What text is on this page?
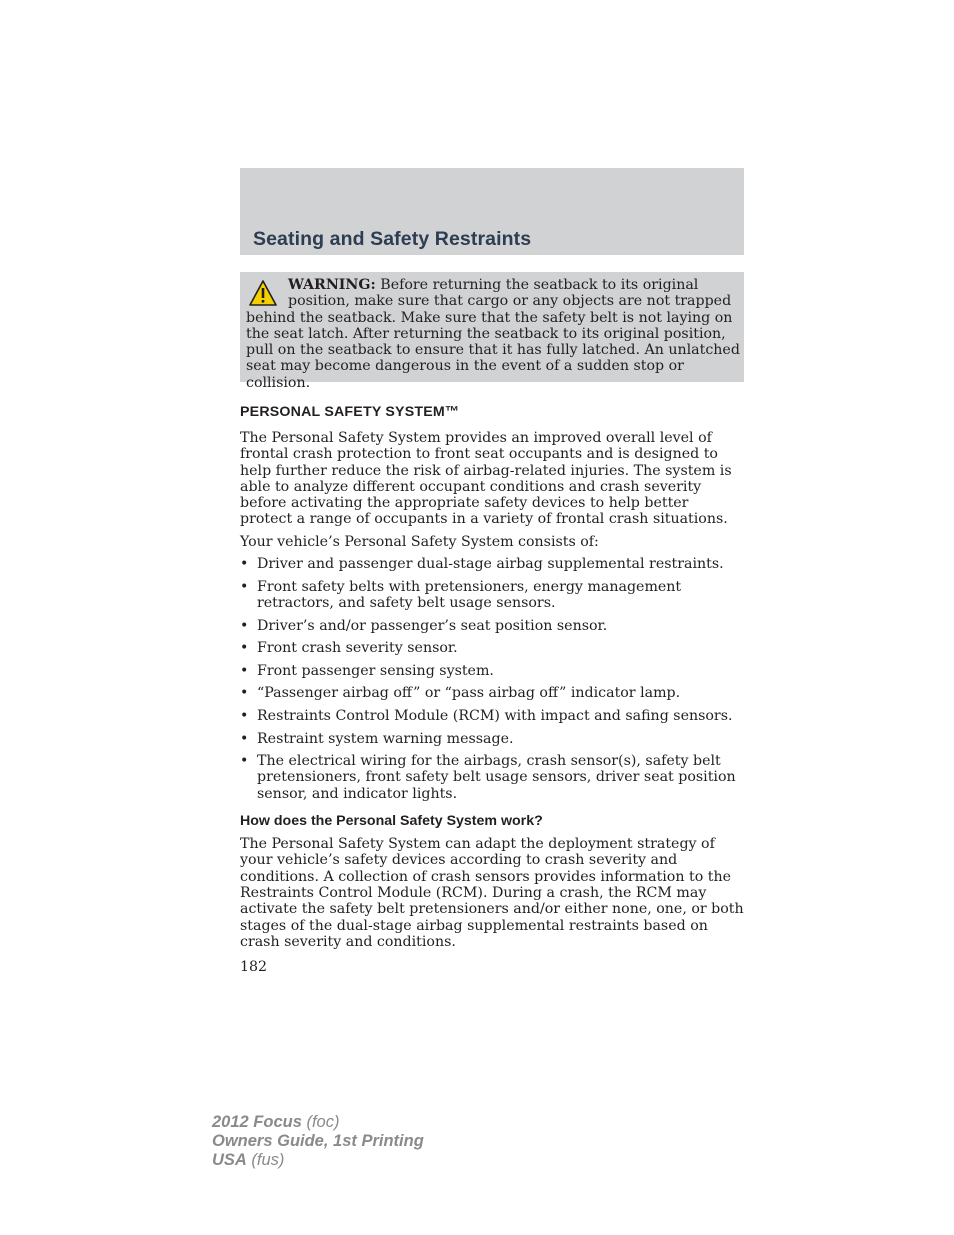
Seating and Safety Restraints

WARNING: Before returning the seatback to its original position, make sure that cargo or any objects are not trapped behind the seatback. Make sure that the safety belt is not laying on the seat latch. After returning the seatback to its original position, pull on the seatback to ensure that it has fully latched. An unlatched seat may become dangerous in the event of a sudden stop or collision.

PERSONAL SAFETY SYSTEM™

The Personal Safety System provides an improved overall level of frontal crash protection to front seat occupants and is designed to help further reduce the risk of airbag-related injuries. The system is able to analyze different occupant conditions and crash severity before activating the appropriate safety devices to help better protect a range of occupants in a variety of frontal crash situations.

Your vehicle’s Personal Safety System consists of:

• Driver and passenger dual-stage airbag supplemental restraints.
• Front safety belts with pretensioners, energy management retractors, and safety belt usage sensors.
• Driver’s and/or passenger’s seat position sensor.
• Front crash severity sensor.
• Front passenger sensing system.
• “Passenger airbag off” or “pass airbag off” indicator lamp.
• Restraints Control Module (RCM) with impact and safing sensors.
• Restraint system warning message.
• The electrical wiring for the airbags, crash sensor(s), safety belt pretensioners, front safety belt usage sensors, driver seat position sensor, and indicator lights.
How does the Personal Safety System work?

The Personal Safety System can adapt the deployment strategy of your vehicle’s safety devices according to crash severity and conditions. A collection of crash sensors provides information to the Restraints Control Module (RCM). During a crash, the RCM may activate the safety belt pretensioners and/or either none, one, or both stages of the dual-stage airbag supplemental restraints based on crash severity and conditions.

182
2012 Focus (foc)
Owners Guide, 1st Printing
USA (fus)
